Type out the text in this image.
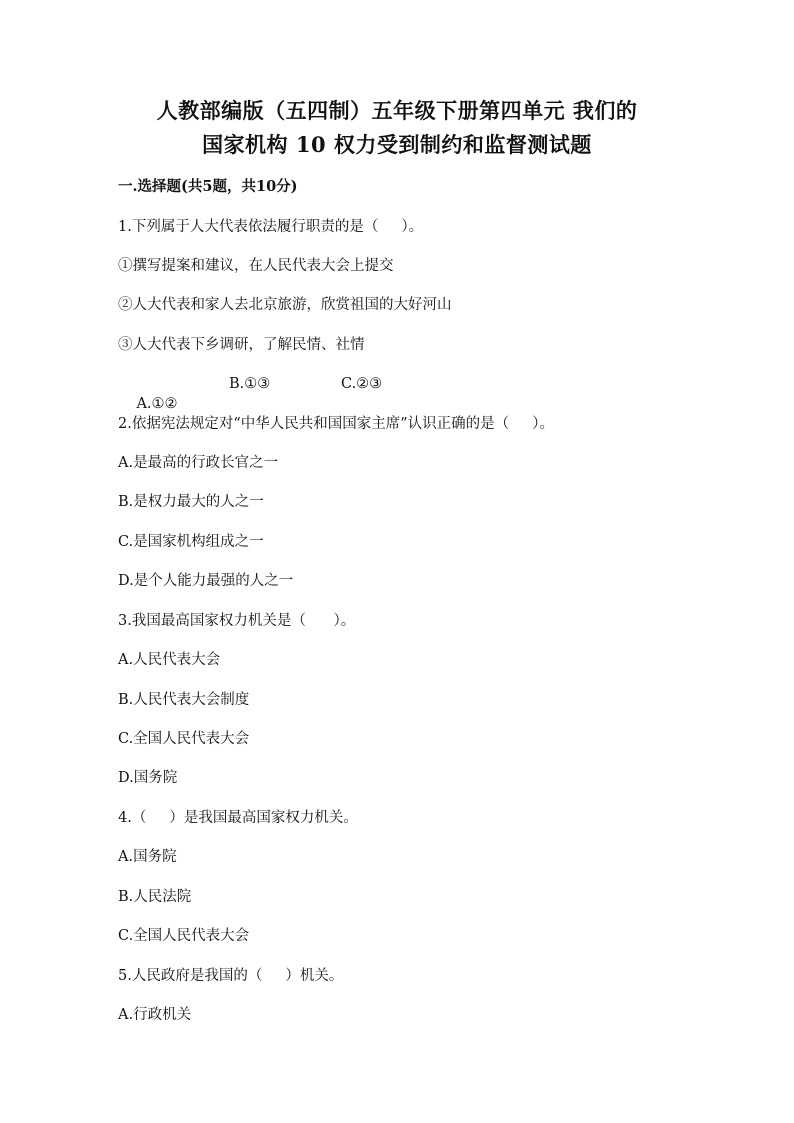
人教部编版（五四制）五年级下册第四单元 我们的
国家机构 10 权力受到制约和监督测试题
一.选择题(共5题，共10分)
1.下列属于人大代表依法履行职责的是（     ）。
①撰写提案和建议，在人民代表大会上提交
②人大代表和家人去北京旅游，欣赏祖国的大好河山
③人大代表下乡调研，了解民情、社情

A.①②

B.①③	C.②③
2.依据宪法规定对“中华人民共和国国家主席”认识正确的是（     ）。
A.是最高的行政长官之一
B.是权力最大的人之一
C.是国家机构组成之一
D.是个人能力最强的人之一
3.我国最高国家权力机关是（      ）。
A.人民代表大会
B.人民代表大会制度
C.全国人民代表大会
D.国务院
4.（     ）是我国最高国家权力机关。
A.国务院
B.人民法院
C.全国人民代表大会
5.人民政府是我国的（     ）机关。
A.行政机关
